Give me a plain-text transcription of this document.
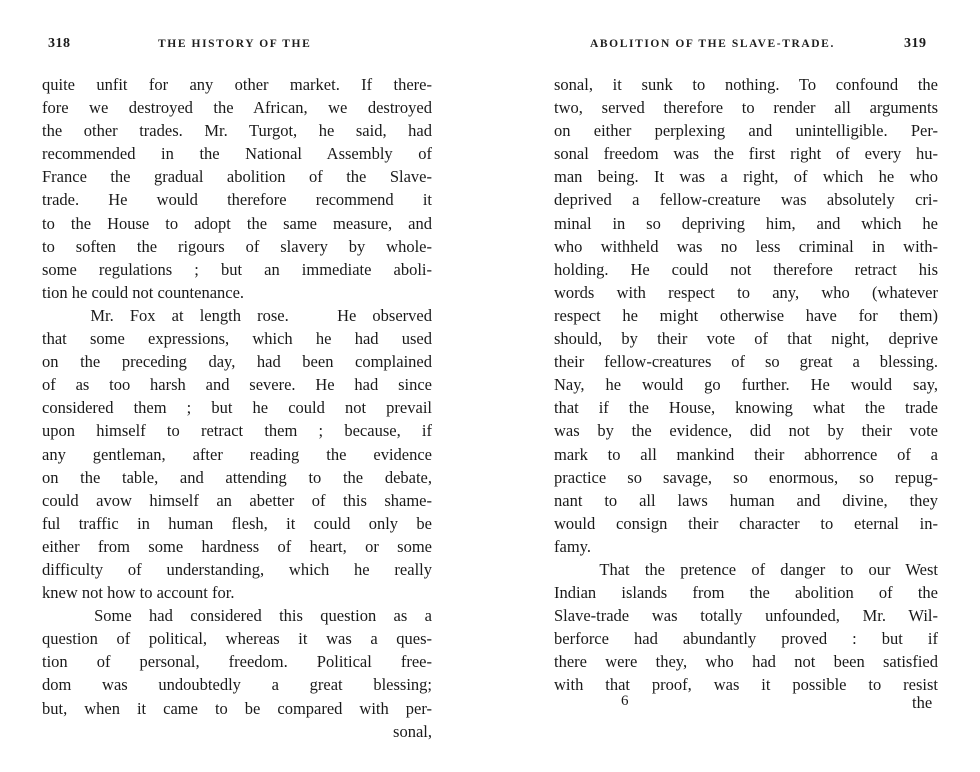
318	THE HISTORY OF THE
quite unfit for any other market. If there-
fore we destroyed the African, we destroyed
the other trades. Mr. Turgot, he said, had
recommended in the National Assembly of
France the gradual abolition of the Slave-
trade. He would therefore recommend it
to the House to adopt the same measure, and
to soften the rigours of slavery by whole-
some regulations ; but an immediate aboli-
tion he could not countenance.
Mr. Fox at length rose.   He observed
that some expressions, which he had used
on the preceding day, had been complained
of as too harsh and severe. He had since
considered them ; but he could not prevail
upon himself to retract them ; because, if
any gentleman, after reading the evidence
on the table, and attending to the debate,
could avow himself an abetter of this shame-
ful traffic in human flesh, it could only be
either from some hardness of heart, or some
difficulty of understanding, which he really
knew not how to account for.
Some had considered this question as a
question of political, whereas it was a ques-
tion of personal, freedom. Political free-
dom was undoubtedly a great blessing;
but, when it came to be compared with per-
sonal,
ABOLITION OF THE SLAVE-TRADE.	319
sonal, it sunk to nothing. To confound the
two, served therefore to render all arguments
on either perplexing and unintelligible. Per-
sonal freedom was the first right of every hu-
man being. It was a right, of which he who
deprived a fellow-creature was absolutely cri-
minal in so depriving him, and which he
who withheld was no less criminal in with-
holding. He could not therefore retract his
words with respect to any, who (whatever
respect he might otherwise have for them)
should, by their vote of that night, deprive
their fellow-creatures of so great a blessing.
Nay, he would go further. He would say,
that if the House, knowing what the trade
was by the evidence, did not by their vote
mark to all mankind their abhorrence of a
practice so savage, so enormous, so repug-
nant to all laws human and divine, they
would consign their character to eternal in-
famy.
That the pretence of danger to our West
Indian islands from the abolition of the
Slave-trade was totally unfounded, Mr. Wil-
berforce had abundantly proved : but if
there were they, who had not been satisfied
with that proof, was it possible to resist
6	the
